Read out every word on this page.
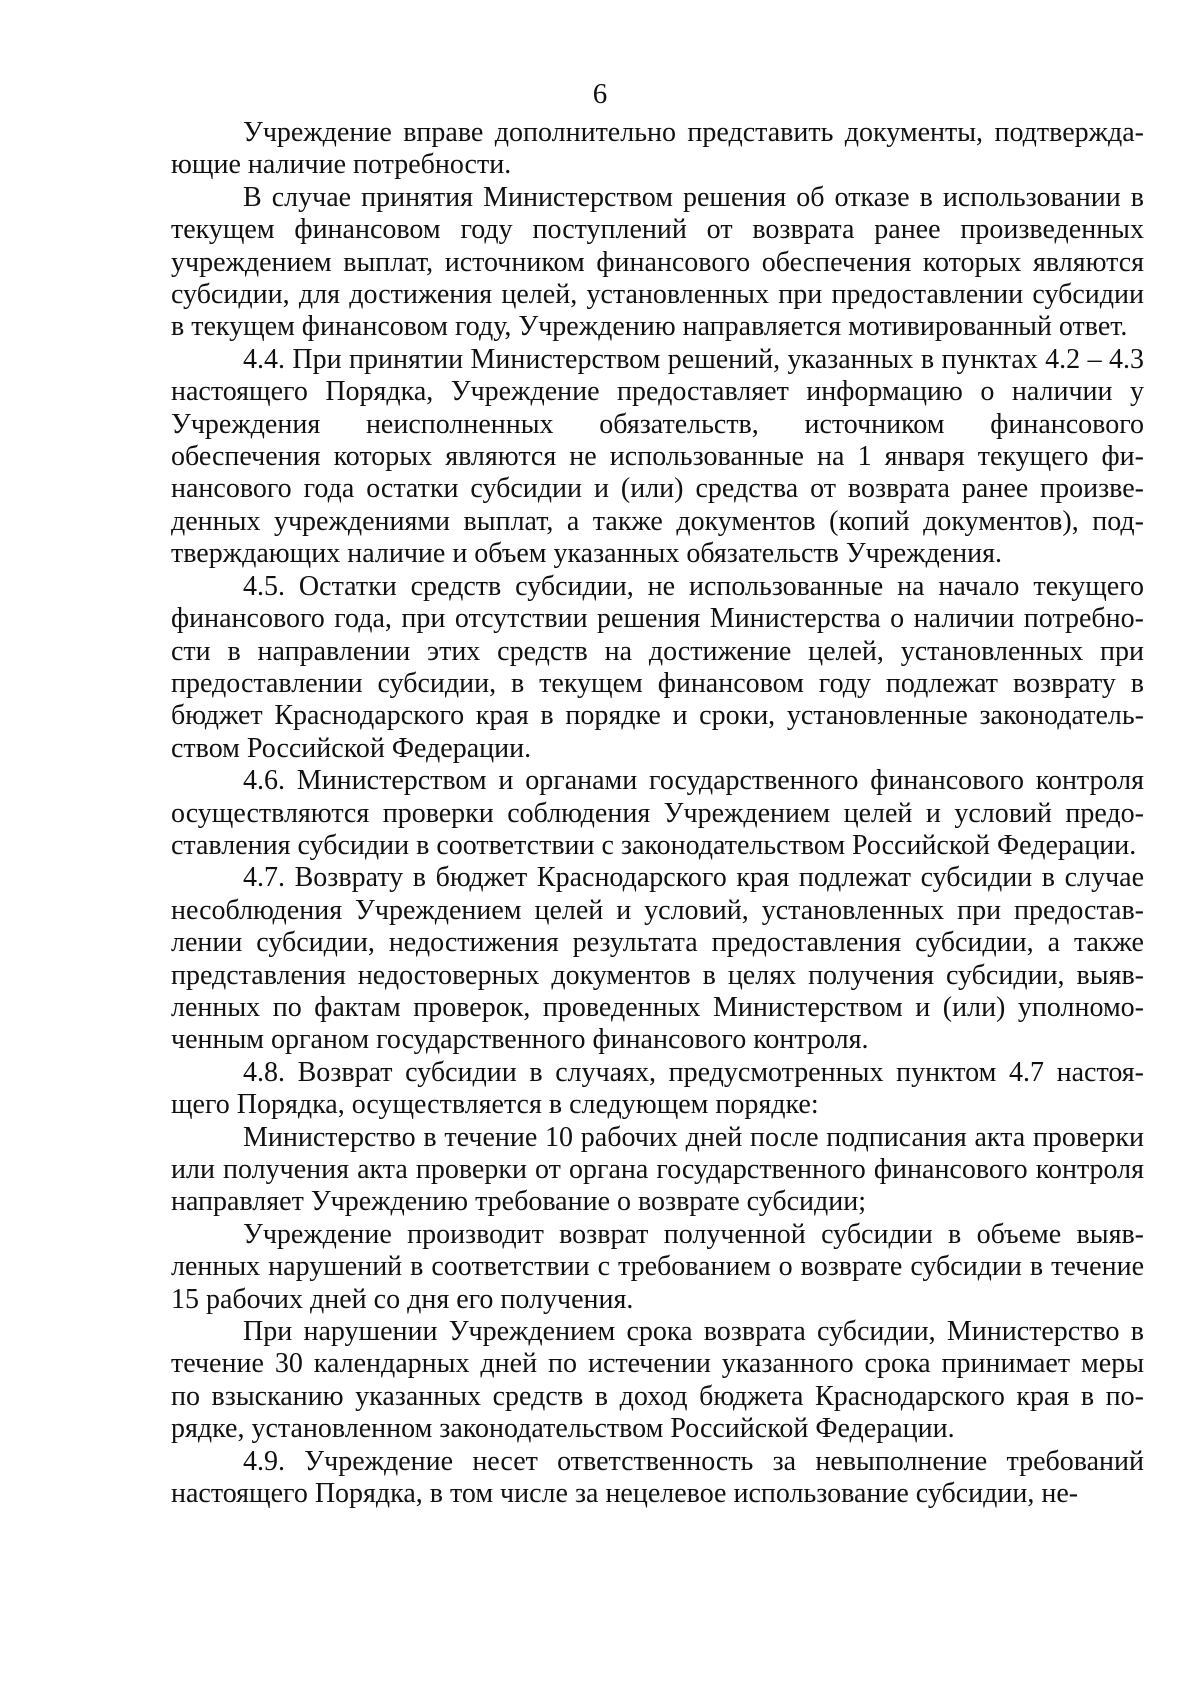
6

Учреждение вправе дополнительно представить документы, подтверждающие наличие потребности.

В случае принятия Министерством решения об отказе в использовании в текущем финансовом году поступлений от возврата ранее произведенных учреждением выплат, источником финансового обеспечения которых являются субсидии, для достижения целей, установленных при предоставлении субсидии в текущем финансовом году, Учреждению направляется мотивированный ответ.

4.4. При принятии Министерством решений, указанных в пунктах 4.2 – 4.3 настоящего Порядка, Учреждение предоставляет информацию о наличии у Учреждения неисполненных обязательств, источником финансового обеспечения которых являются не использованные на 1 января текущего финансового года остатки субсидии и (или) средства от возврата ранее произведенных учреждениями выплат, а также документов (копий документов), подтверждающих наличие и объем указанных обязательств Учреждения.

4.5. Остатки средств субсидии, не использованные на начало текущего финансового года, при отсутствии решения Министерства о наличии потребности в направлении этих средств на достижение целей, установленных при предоставлении субсидии, в текущем финансовом году подлежат возврату в бюджет Краснодарского края в порядке и сроки, установленные законодательством Российской Федерации.

4.6. Министерством и органами государственного финансового контроля осуществляются проверки соблюдения Учреждением целей и условий предоставления субсидии в соответствии с законодательством Российской Федерации.

4.7. Возврату в бюджет Краснодарского края подлежат субсидии в случае несоблюдения Учреждением целей и условий, установленных при предоставлении субсидии, недостижения результата предоставления субсидии, а также представления недостоверных документов в целях получения субсидии, выявленных по фактам проверок, проведенных Министерством и (или) уполномоченным органом государственного финансового контроля.

4.8. Возврат субсидии в случаях, предусмотренных пунктом 4.7 настоящего Порядка, осуществляется в следующем порядке:

Министерство в течение 10 рабочих дней после подписания акта проверки или получения акта проверки от органа государственного финансового контроля направляет Учреждению требование о возврате субсидии;

Учреждение производит возврат полученной субсидии в объеме выявленных нарушений в соответствии с требованием о возврате субсидии в течение 15 рабочих дней со дня его получения.

При нарушении Учреждением срока возврата субсидии, Министерство в течение 30 календарных дней по истечении указанного срока принимает меры по взысканию указанных средств в доход бюджета Краснодарского края в порядке, установленном законодательством Российской Федерации.

4.9. Учреждение несет ответственность за невыполнение требований настоящего Порядка, в том числе за нецелевое использование субсидии, не-
